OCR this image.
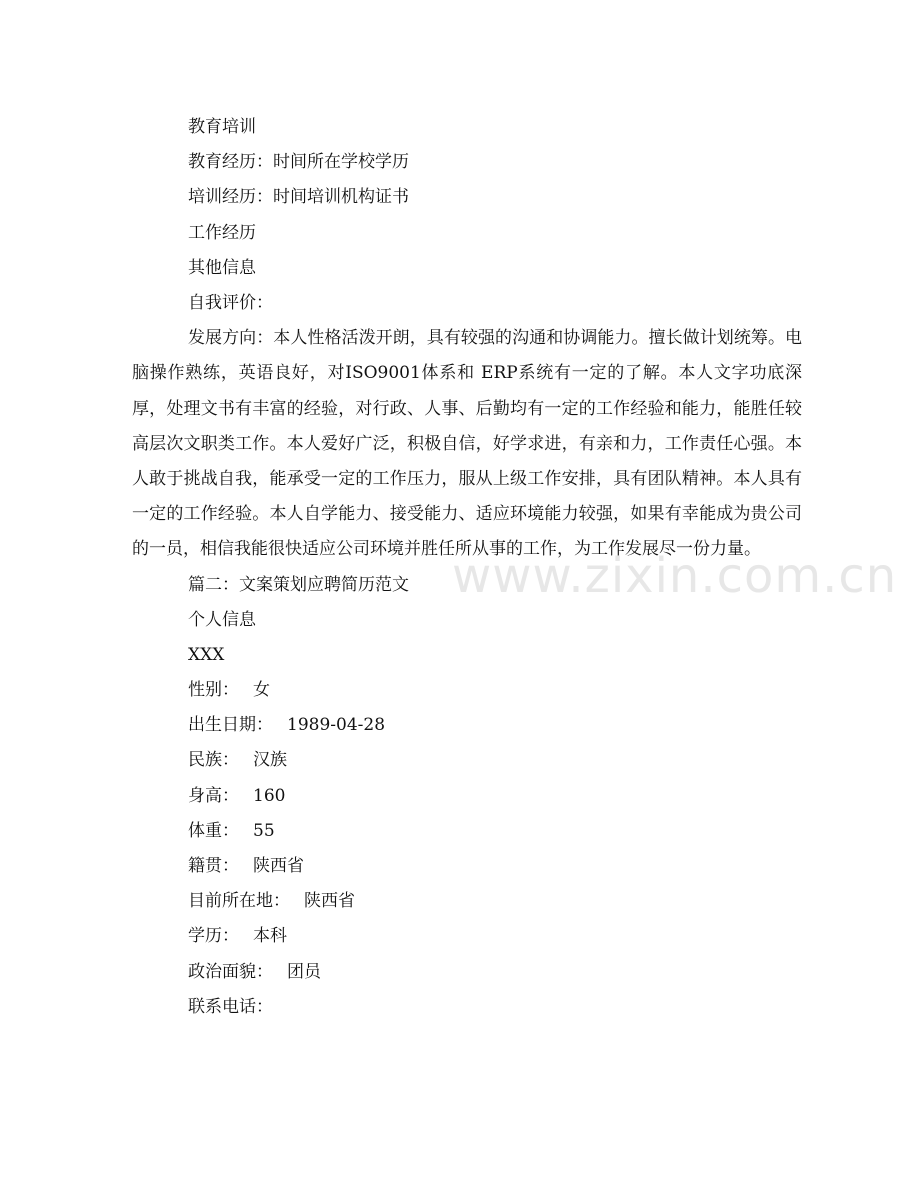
www.zixin.com.cn
教育培训
教育经历：时间所在学校学历
培训经历：时间培训机构证书
工作经历
其他信息
自我评价：

发展方向：本人性格活泼开朗，具有较强的沟通和协调能力。擅长做计划统筹。电脑操作熟练，英语良好，对ISO9001体系和 ERP系统有一定的了解。本人文字功底深厚，处理文书有丰富的经验，对行政、人事、后勤均有一定的工作经验和能力，能胜任较高层次文职类工作。本人爱好广泛，积极自信，好学求进，有亲和力，工作责任心强。本人敢于挑战自我，能承受一定的工作压力，服从上级工作安排，具有团队精神。本人具有一定的工作经验。本人自学能力、接受能力、适应环境能力较强，如果有幸能成为贵公司的一员，相信我能很快适应公司环境并胜任所从事的工作，为工作发展尽一份力量。

篇二：文案策划应聘简历范文
个人信息
XXX
性别： 女
出生日期： 1989-04-28
民族： 汉族
身高： 160
体重： 55
籍贯： 陕西省
目前所在地： 陕西省
学历： 本科
政治面貌： 团员
联系电话：
